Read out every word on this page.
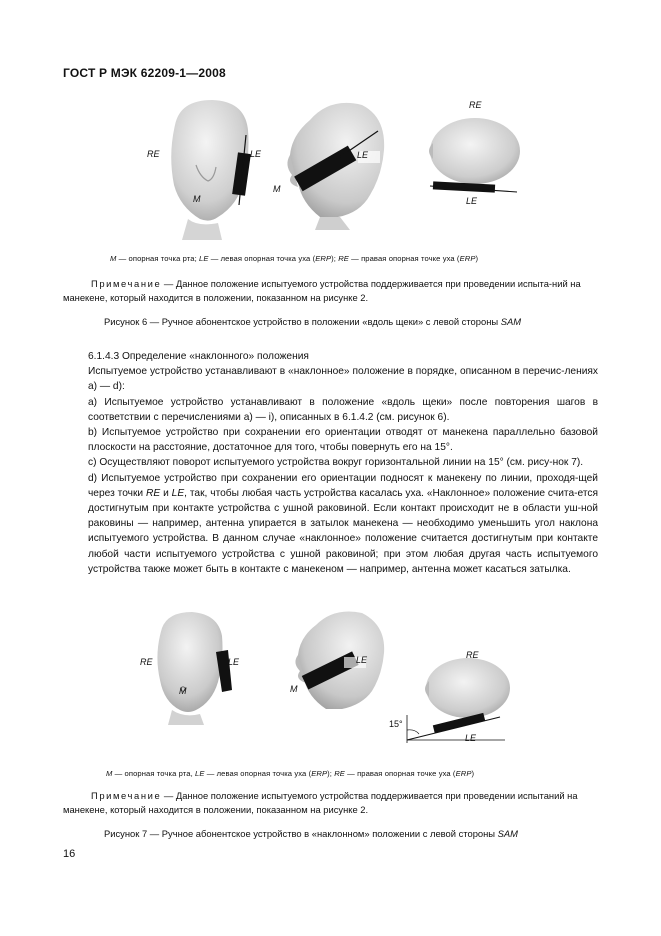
ГОСТ Р МЭК 62209-1—2008
RE	LE
M
LE
M
RE
LE
M — опорная точка рта; LE — левая опорная точка уха (ERP); RE — правая опорная точке уха (ERP)
Примечание — Данное положение испытуемого устройства поддерживается при проведении испыта-ний на манекене, который находится в положении, показанном на рисунке 2.
Рисунок 6 — Ручное абонентское устройство в положении «вдоль щеки» с левой стороны SAM

6.1.4.3 Определение «наклонного» положения

Испытуемое устройство устанавливают в «наклонное» положение в порядке, описанном в перечис-лениях а) — d):

а) Испытуемое устройство устанавливают в положение «вдоль щеки» после повторения шагов в соответствии с перечислениями а) — i), описанных в 6.1.4.2 (см. рисунок 6).

b) Испытуемое устройство при сохранении его ориентации отводят от манекена параллельно базовой плоскости на расстояние, достаточное для того, чтобы повернуть его на 15°.

с) Осуществляют поворот испытуемого устройства вокруг горизонтальной линии на 15° (см. рису-нок 7).

d) Испытуемое устройство при сохранении его ориентации подносят к манекену по линии, проходя-щей через точки RE и LE, так, чтобы любая часть устройства касалась уха. «Наклонное» положение счита-ется достигнутым при контакте устройства с ушной раковиной. Если контакт происходит не в области уш-ной раковины — например, антенна упирается в затылок манекена — необходимо уменьшить угол наклона испытуемого устройства. В данном случае «наклонное» положение считается достигнутым при контакте любой части испытуемого устройства с ушной раковиной; при этом любая другая часть испытуемого устройства также может быть в контакте с манекеном — например, антенна может касаться затылка.

RE	LE
M
LE
M
RE
LE
15°
M — опорная точка рта, LE — левая опорная точка уха (ERP); RE — правая опорная точке уха (ERP)
Примечание — Данное положение испытуемого устройства поддерживается при проведении испытаний на манекене, который находится в положении, показанном на рисунке 2.
Рисунок 7 — Ручное абонентское устройство в «наклонном» положении с левой стороны SAM
16
